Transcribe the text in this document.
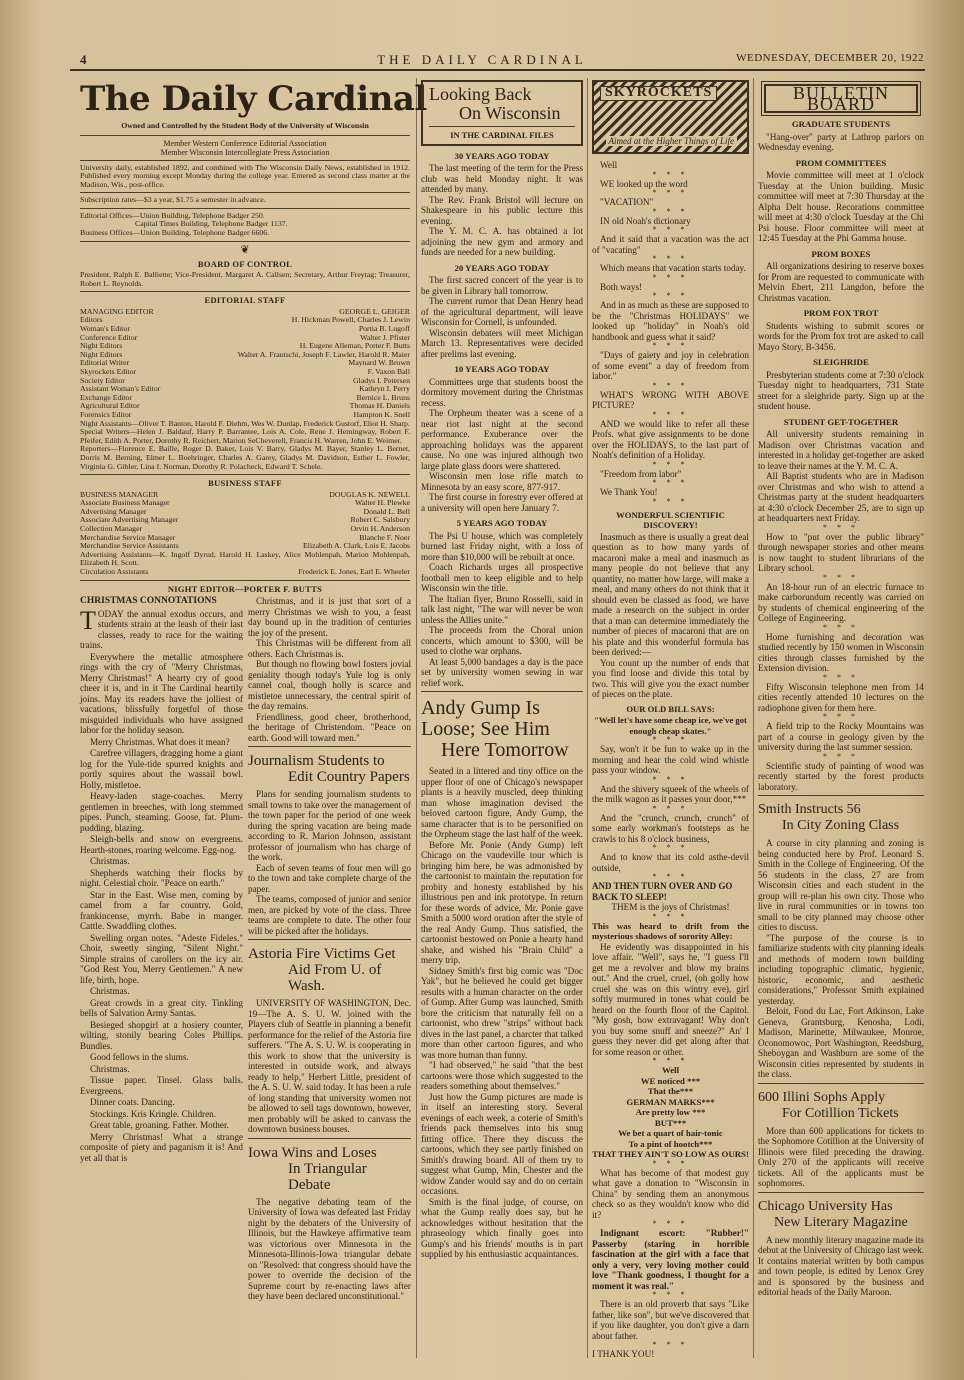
4	THE DAILY CARDINAL	WEDNESDAY, DECEMBER 20, 1922
The Daily Cardinal
Owned and Controlled by the Student Body of the University of Wisconsin
Member Western Conference Editorial Association
Member Wisconsin Intercollegiate Press Association
University daily, established 1892, and combined with The Wisconsin Daily News, established in 1912. Published every morning except Monday during the college year. Entered as second class matter at the Madison, Wis., post-office.
Subscription rates—$3 a year, $1.75 a semester in advance.
Editorial Offices—Union Building, Telephone Badger 250.
Capital Times Building, Telephone Badger 1137.
Business Offices—Union Building, Telephone Badger 6606.
❦
BOARD OF CONTROL
President, Ralph E. Balliette; Vice-President, Margaret A. Callsen; Secretary, Arthur Freytag; Treasurer, Robert L. Reynolds.
EDITORIAL STAFF
MANAGING EDITOR	GEORGE L. GEIGER
Editors	H. Hickman Powell, Charles J. Lewin
Woman's Editor	Portia B. Lugoff
Conference Editor	Walter J. Pfister
Night Editors	H. Eugene Alleman, Porter F. Butts
Night Editors	Walter A. Frautschi, Joseph F. Lawler, Harold R. Maier
Editorial Writer	Maynard W. Brown
Skyrockets Editor	F. Vaxon Ball
Society Editor	Gladys I. Petersen
Assistant Woman's Editor	Kathryn I. Perry
Exchange Editor	Bernice L. Bruns
Agricultural Editor	Thomas H. Daniels
Forensics Editor	Hampton K. Snell
Night Assistants—Oliver T. Banton, Harold F. Diehm, Wes W. Dunlap, Frederick Gustorf, Eliot H. Sharp.
Special Writers—Helen J. Baldauf, Harry P. Barrantee, Lois A. Cole, Rene J. Hemingway, Robert F. Pfeifer, Edith A. Porter, Dorothy R. Reichert, Marion SeCheverell, Francis H. Warren, John E. Weimer.
Reporters—Florence E. Baille, Roger D. Baker, Lois V. Barry, Gladys M. Bayer, Stanley L. Bernet, Dorris M. Berning, Elmer L. Boehringer, Charles A. Garey, Gladys M. Davidson, Esther L. Fowler, Virginia G. Gibler, Lina I. Norman, Dorothy R. Polacheck, Edward T. Schele.
BUSINESS STAFF
BUSINESS MANAGER	DOUGLAS K. NEWELL
Associate Business Manager	Walter H. Plewke
Advertising Manager	Donald L. Bell
Associate Advertising Manager	Robert C. Salsbury
Collection Manager	Orvin H. Anderson
Merchandise Service Manager	Blanche F. Noer
Merchandise Service Assistants	Elizabeth A. Clark, Lois E. Jacobs
Advertising Assistants—K. Ingolf Dyrud, Harold H. Laskey, Alice Mohlenpah, Marion Mohlenpah, Elizabeth H. Scott.
Circulation Assistants	Frederick E. Jones, Earl E. Wheeler
NIGHT EDITOR—PORTER F. BUTTS
CHRISTMAS CONNOTATIONS
TODAY the annual exodus occurs, and students strain at the leash of their last classes, ready to race for the waiting trains.

Everywhere the metallic atmosphere rings with the cry of "Merry Christmas, Merry Christmas!" A hearty cry of good cheer it is, and in it The Cardinal heartily joins. May its readers have the jolliest of vacations, blissfully forgetful of those misguided individuals who have assigned labor for the holiday season.

Merry Christmas. What does it mean?

Carefree villagers, dragging home a giant log for the Yule-tide spurred knights and portly squires about the wassail bowl. Holly, mistletoe.

Heavy-laden stage-coaches. Merry gentlemen in breeches, with long stemmed pipes. Punch, steaming. Goose, fat. Plum-pudding, blazing.

Sleigh-bells and snow on evergreens. Hearth-stones, roaring welcome. Egg-nog.

Christmas.

Shepherds watching their flocks by night. Celestial choir. "Peace on earth."

Star in the East. Wise men, coming by camel from a far country. Gold, frankincense, myrrh. Babe in manger. Cattle. Swaddling clothes.

Swelling organ notes. "Adeste Fideles." Choir, sweetly singing, "Silent Night." Simple strains of carollers on the icy air. "God Rest You, Merry Gentlemen." A new life, birth, hope.

Christmas.

Great crowds in a great city. Tinkling bells of Salvation Army Santas.

Besieged shopgirl at a hosiery counter, wilting, stonily bearing Coles Phillips. Bundles.

Good fellows in the slums.

Christmas.

Tissue paper. Tinsel. Glass balls. Evergreens.

Dinner coats. Dancing.

Stockings. Kris Kringle. Children.

Great table, groaning. Father. Mother.

Merry Christmas! What a strange composite of piety and paganism it is! And yet all that is

Christmas, and it is just that sort of a merry Christmas we wish to you, a feast day bound up in the tradition of centuries the joy of the present.

This Christmas will be different from all others. Each Christmas is.

But though no flowing bowl fosters jovial geniality though today's Yule log is only cannel coal, though holly is scarce and mistletoe unnecessary, the central spirit of the day remains.

Friendliness, good cheer, brotherhood, the heritage of Christendom. "Peace on earth. Good will toward men."

Journalism Students to
Edit Country Papers

Plans for sending journalism students to small towns to take over the management of the town paper for the period of one week during the spring vacation are being made according to R. Marion Johnson, assistant professor of journalism who has charge of the work.

Each of seven teams of four men will go to the town and take complete charge of the paper.

The teams, composed of junior and senior men, are picked by vote of the class. Three teams are complete to date. The other four will be picked after the holidays.

Astoria Fire Victims Get
Aid From U. of Wash.

UNIVERSITY OF WASHINGTON, Dec. 19—The A. S. U. W. joined with the Players club of Seattle in planning a benefit performance for the relief of the Astoria fire sufferers. "The A. S. U. W. is cooperating in this work to show that the university is interested in outside work, and always ready to help," Herbert Little, president of the A. S. U. W. said today. It has been a rule of long standing that university women not be allowed to sell tags downtown, however, men probably will be asked to canvass the downtown business houses.

Iowa Wins and Loses
In Triangular Debate

The negative debating team of the University of Iowa was defeated last Friday night by the debaters of the University of Illinois, but the Hawkeye affirmative team was victorious over Minnesota in the Minnesota-Illinois-Iowa triangular debate on "Resolved: that congress should have the power to override the decision of the Supreme court by re-enacting laws after they have been declared unconstitutional."

Looking Back
On Wisconsin
IN THE CARDINAL FILES
30 YEARS AGO TODAY

The last meeting of the term for the Press club was held Monday night. It was attended by many.

The Rev. Frank Bristol will lecture on Shakespeare in his public lecture this evening.

The Y. M. C. A. has obtained a lot adjoining the new gym and armory and funds are needed for a new building.

20 YEARS AGO TODAY

The first sacred concert of the year is to be given in Library hall tomorrow.

The current rumor that Dean Henry head of the agricultural department, will leave Wisconsin for Cornell, is unfounded.

Wisconsin debaters will meet Michigan March 13. Representatives were decided after prelims last evening.

10 YEARS AGO TODAY

Committees urge that students boost the dormitory movement during the Christmas recess.

The Orpheum theater was a scene of a near riot last night at the second performance. Exuberance over the approaching holidays was the apparent cause. No one was injured although two large plate glass doors were shattered.

Wisconsin men lose rifle match to Minnesota by an easy score, 877-917.

The first course in forestry ever offered at a university will open here January 7.

5 YEARS AGO TODAY

The Psi U house, which was completely burned last Friday night, with a loss of more than $10,000 will be rebuilt at once.

Coach Richards urges all prospective football men to keep eligible and to help Wisconsin win the title.

The Italian flyer, Bruno Rosselli, said in talk last night, "The war will never be won unless the Allies unite."

The proceeds from the Choral union concerts, which amount to $300, will be used to clothe war orphans.

At least 5,000 bandages a day is the pace set by university women sewing in war relief work.

Andy Gump Is
Loose; See Him
Here Tomorrow

Seated in a littered and tiny office on the upper floor of one of Chicago's newspaper plants is a heavily muscled, deep thinking man whose imagination devised the beloved cartoon figure, Andy Gump, the same character that is to be personified on the Orpheum stage the last half of the week.

Before Mr. Ponie (Andy Gump) left Chicago on the vaudeville tour which is bringing him here, he was admonished by the cartoonist to maintain the reputation for probity and honesty established by his illustrious pen and ink prototype. In return for these words of advice, Mr. Ponie gave Smith a 5000 word oration after the style of the real Andy Gump. Thus satisfied, the cartoonist bestowed on Ponie a hearty hand shake, and wished his "Brain Child" a merry trip.

Sidney Smith's first big comic was "Doc Yak", but he believed he could get bigger results with a human character on the order of Gump. After Gump was launched, Smith bore the criticism that naturally fell on a cartoonist, who drew "strips" without back dives in the last panel, a charcter that talked more than other cartoon figures, and who was more human than funny.

"I had observed," he said "that the best cartoons were those which suggested to the readers something about themselves."

Just how the Gump pictures are made is in itself an interesting story. Several evenings of each week, a coterie of Smith's friends pack themselves into his snug fitting office. There they discuss the cartoons, which they see partly finished on Smith's drawing board. All of them try to suggest what Gump, Min, Chester and the widow Zander would say and do on certain occasions.

Smith is the final judge, of course, on what the Gump really does say, but he acknowledges without hesitation that the phraseology which finally goes into Gump's and his friends' mouths is in part supplied by his enthusiastic acquaintances.

SKYROCKETS
Aimed at the Higher Things of Life

Well

* * *

WE looked up the word

* * *

"VACATION"

* * *

IN old Noah's dictionary

* * *

And it said that a vacation was the act of "vacating"

* * *

Which means that vacation starts today.

* * *

Both ways!

* * *

And in as much as these are supposed to be the "Christmas HOLIDAYS" we looked up "holiday" in Noah's old handbook and guess what it said?

* * *

"Days of gaiety and joy in celebration of some event" a day of freedom from labor."

* * *

WHAT'S WRONG WITH ABOVE PICTURE?

* * *

AND we would like to refer all these Profs. what give assignments to be done over the HOLIDAYS, to the last part of Noah's definition of a Holiday.

* * *

"Freedom from labor"

* * *

We Thank You!

* * *
WONDERFUL SCIENTIFIC
DISCOVERY!

Inasmuch as there is usually a great deal question as to how many yards of macaroni make a meal and inasmuch as many people do not believe that any quantity, no matter how large, will make a meal, and many others do not think that it should even be classed as food, we have made a research on the subject in order that a man can determine immediately the number of pieces of macaroni that are on his plate and this wonderful formula has been derived:—

You count up the number of ends that you find loose and divide this total by two. This will give you the exact number of pieces on the plate.

OUR OLD BILL SAYS:
"Well let's have some cheap ice, we've got enough cheap skates."
* * *

Say, won't it be fun to wake up in the morning and hear the cold wind whistle pass your window.

* * *

And the shivery squeek of the wheels of the milk wagon as it passes your door,***

* * *

And the "crunch, crunch, crunch" of some early workman's footsteps as he crawls to his 8 o'clock business,

* * *

And to know that its cold asthe-devil outside,

* * *
AND THEN TURN OVER AND GO BACK TO SLEEP!
THEM is the joys of Christmas!
* * *
This was heard to drift from the mysterious shadows of sorority Alley:

He evidently was disappointed in his love affair. "Well", says he, "I guess I'll get me a revolver and blow my brains out." And the cruel, cruel, (oh golly how cruel she was on this wintry eve), girl softly murmured in tones what could be heard on the fourth floor of the Capitol. "My gosh, how extravagant! Why don't you buy some snuff and sneeze?" An' I guess they never did get along after that for some reason or other.

* * *
Well
WE noticed ***
That the***
GERMAN MARKS***
Are pretty low ***
BUT***
We bet a quart of hair-tonic
To a pint of hootch***
THAT THEY AIN'T SO LOW AS OURS!
* * *

What has become of that modest guy what gave a donation to "Wisconsin in China" by sending them an anonymous check so as they wouldn't know who did it?

* * *

Indignant escort: "Rubber!" Passerby (staring in horrible fascination at the girl with a face that only a very, very loving mother could love "Thank goodness, I thought for a moment it was real."

* * *

There is an old proverb that says "Like father, like son", but we've discovered that if you like daughter, you don't give a darn about father.

* * *
I THANK YOU!
BULLETIN BOARD
GRADUATE STUDENTS

"Hang-over" party at Lathrop parlors on Wednesday evening.

PROM COMMITTEES

Movie committee will meet at 1 o'clock Tuesday at the Union building. Music committee will meet at 7:30 Thursday at the Alpha Delt house. Recorations committee will meet at 4:30 o'clock Tuesday at the Chi Psi house. Floor committee will meet at 12:45 Tuesday at the Phi Gamma house.

PROM BOXES

All organizations desiring to reserve boxes for Prom are requested to communicate with Melvin Ebert, 211 Langdon, before the Christmas vacation.

PROM FOX TROT

Students wishing to submit scores or words for the Prom fox trot are asked to call Mayo Story, B-3456.

SLEIGHRIDE

Presbyterian students come at 7:30 o'clock Tuesday night to headquarters, 731 State street for a sleighride party. Sign up at the student house.

STUDENT GET-TOGETHER

All university students remaining in Madison over Christmas vacation and interested in a holiday get-together are asked to leave their names at the Y. M. C. A.

All Baptist students who are in Madison over Christmas and who wish to attend a Christmas party at the student headquarters at 4:30 o'clock December 25, are to sign up at headquarters next Friday.

* * *

How to "put over the public library" through newspaper stories and other means is now taught to student librarians of the Library school.

* * *

An 18-hour run of an electric furnace to make carborundum recently was carried on by students of chemical engineering of the College of Engineering.

* * *

Home furnishing and decoration was studied recently by 150 women in Wisconsin cities through classes furnished by the Extension division.

* * *

Fifty Wisconsin telephone men from 14 cities recently attended 10 lectures on the radiophone given for them here.

* * *

A field trip to the Rocky Mountains was part of a course in geology given by the university during the last summer session.

* * *

Scientific study of painting of wood was recently started by the forest products laboratory.

Smith Instructs 56
In City Zoning Class

A course in city planning and zoning is being conducted here by Prof. Leonard S. Smith in the College of Engineering. Of the 56 students in the class, 27 are from Wisconsin cities and each student in the group will re-plan his own city. Those who live in rural communities or in towns too small to be city planned may choose other cities to discuss.

"The purpose of the course is to familiarize students with city planning ideals and methods of modern town building including topographic climatic, hygienic, historic, economic, and aesthetic considerations," Professor Smith explained yesterday.

Beloit, Fond du Lac, Fort Atkinson, Lake Geneva, Grantsburg, Kenosha, Lodi, Madison, Marinette, Milwaukee, Monroe, Oconomowoc, Port Washington, Reedsburg, Sheboygan and Washburn are some of the Wisconsin cities represented by students in the class.

600 Illini Sophs Apply
For Cotillion Tickets

More than 600 applications for tickets to the Sophomore Cotillion at the University of Illinois were filed preceding the drawing. Only 270 of the applicants will receive tickets. All of the applicants must be sophomores.

Chicago University Has
New Literary Magazine

A new monthly literary magazine made its debut at the University of Chicago last week. It contains material written by both campus and town people, is edited by Lenox Grey and is sponsored by the business and editorial heads of the Daily Maroon.
